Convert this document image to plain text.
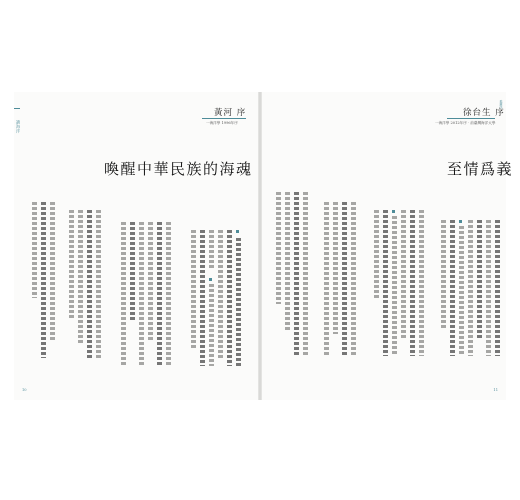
讀海洋
黃河 序
一海洋學 1996年序
喚醒中華民族的海魂
10
推薦序
徐台生 序
一海洋學 2012年序 · 前臺灣海洋大學
至情爲義
11
